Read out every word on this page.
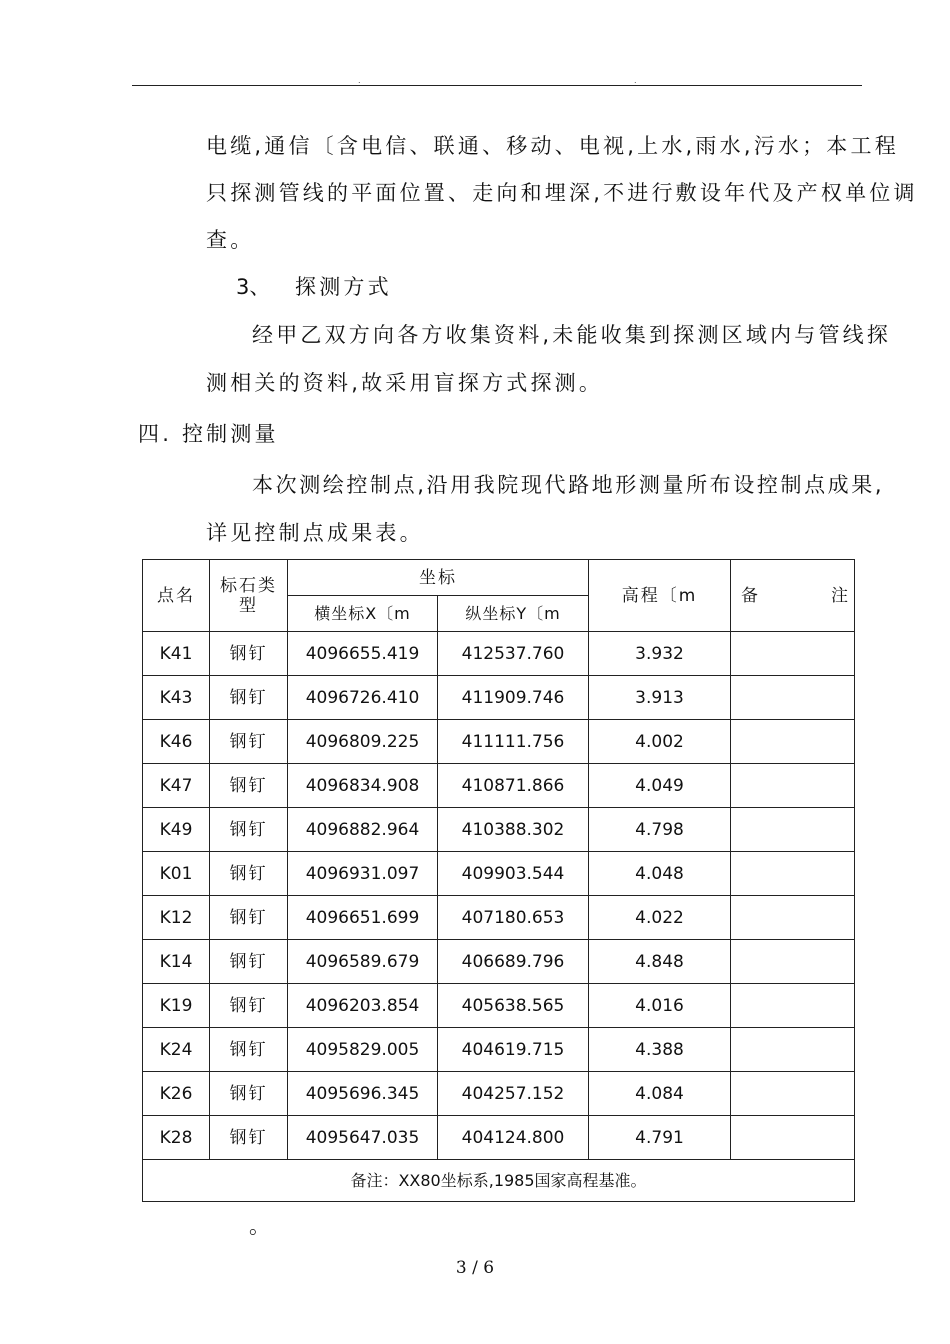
.	.
电缆,通信〔含电信、联通、移动、电视,上水,雨水,污水；本工程
只探测管线的平面位置、走向和埋深,不进行敷设年代及产权单位调
查。
3、 探测方式
经甲乙双方向各方收集资料,未能收集到探测区域内与管线探
测相关的资料,故采用盲探方式探测。
四. 控制测量
本次测绘控制点,沿用我院现代路地形测量所布设控制点成果,
详见控制点成果表。
点名	标石类型	坐标		高程〔m	备 注
		横坐标X〔m	纵坐标Y〔m		
K41	钢钉	4096655.419	412537.760	3.932	
K43	钢钉	4096726.410	411909.746	3.913	
K46	钢钉	4096809.225	411111.756	4.002	
K47	钢钉	4096834.908	410871.866	4.049	
K49	钢钉	4096882.964	410388.302	4.798	
K01	钢钉	4096931.097	409903.544	4.048	
K12	钢钉	4096651.699	407180.653	4.022	
K14	钢钉	4096589.679	406689.796	4.848	
K19	钢钉	4096203.854	405638.565	4.016	
K24	钢钉	4095829.005	404619.715	4.388	
K26	钢钉	4095696.345	404257.152	4.084	
K28	钢钉	4095647.035	404124.800	4.791	
备注：XX80坐标系,1985国家高程基准。					
。
3 / 6
